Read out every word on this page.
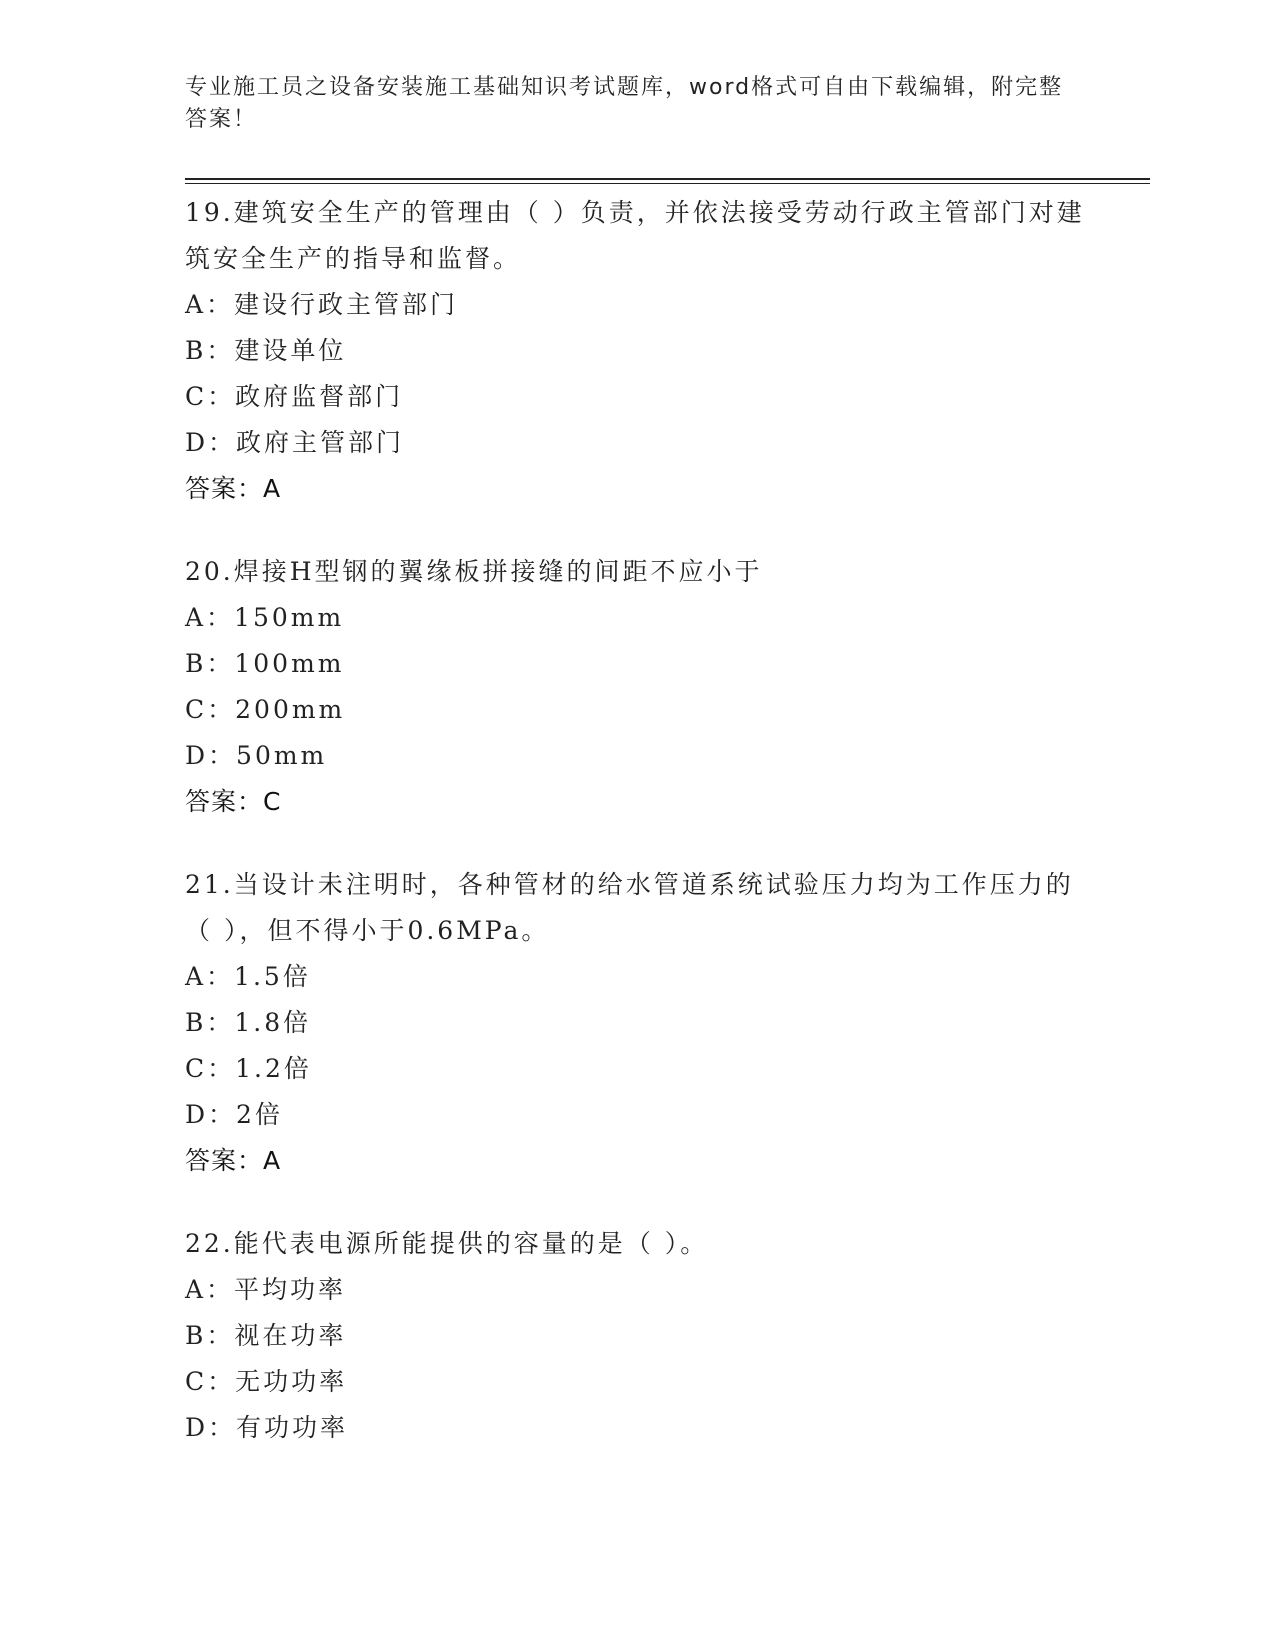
专业施工员之设备安装施工基础知识考试题库，word格式可自由下载编辑，附完整答案！

19.建筑安全生产的管理由（ ）负责，并依法接受劳动行政主管部门对建筑安全生产的指导和监督。

A：建设行政主管部门

B：建设单位

C：政府监督部门

D：政府主管部门

答案：A

20.焊接H型钢的翼缘板拼接缝的间距不应小于

A：150mm

B：100mm

C：200mm

D：50mm

答案：C

21.当设计未注明时，各种管材的给水管道系统试验压力均为工作压力的（ ），但不得小于0.6MPa。

A：1.5倍

B：1.8倍

C：1.2倍

D：2倍

答案：A

22.能代表电源所能提供的容量的是（ ）。

A：平均功率

B：视在功率

C：无功功率

D：有功功率
